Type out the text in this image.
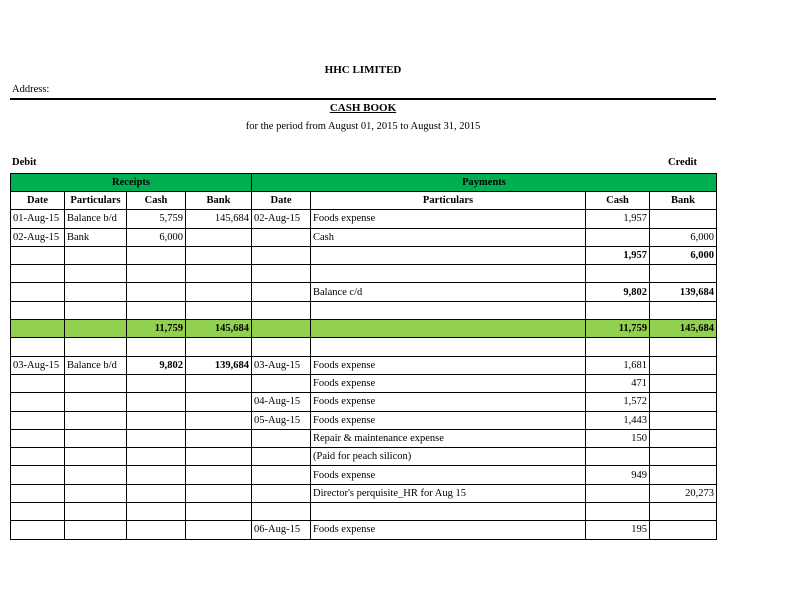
HHC LIMITED
Address:
CASH BOOK
for the period from August 01, 2015 to August 31, 2015
Debit	Credit
Receipts				Payments			
Date	Particulars	Cash	Bank	Date	Particulars	Cash	Bank
01-Aug-15	Balance b/d	5,759	145,684	02-Aug-15	Foods expense	1,957	
02-Aug-15	Bank	6,000			Cash		6,000
						1,957	6,000

					Balance c/d	9,802	139,684

		11,759	145,684			11,759	145,684

03-Aug-15	Balance b/d	9,802	139,684	03-Aug-15	Foods expense	1,681	
					Foods expense	471	
				04-Aug-15	Foods expense	1,572	
				05-Aug-15	Foods expense	1,443	
					Repair & maintenance expense	150	
					(Paid for peach silicon)		
					Foods expense	949	
					Director's perquisite_HR for Aug 15		20,273

				06-Aug-15	Foods expense	195	
